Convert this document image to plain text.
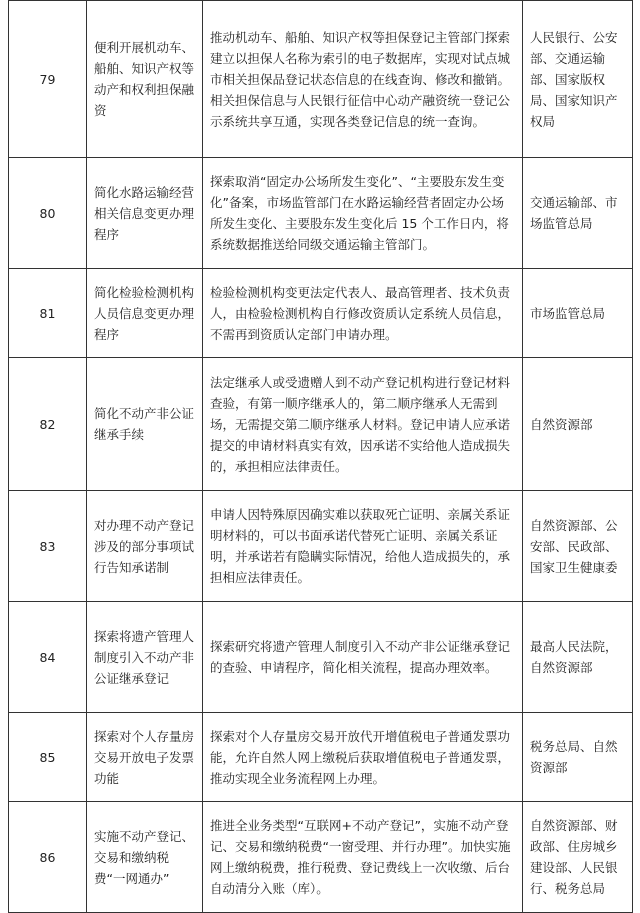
79	便利开展机动车、船舶、知识产权等动产和权利担保融资	推动机动车、船舶、知识产权等担保登记主管部门探索建立以担保人名称为索引的电子数据库，实现对试点城市相关担保品登记状态信息的在线查询、修改和撤销。相关担保信息与人民银行征信中心动产融资统一登记公示系统共享互通，实现各类登记信息的统一查询。	人民银行、公安部、交通运输部、国家版权局、国家知识产权局
80	简化水路运输经营相关信息变更办理程序	探索取消“固定办公场所发生变化”、“主要股东发生变化”备案，市场监管部门在水路运输经营者固定办公场所发生变化、主要股东发生变化后 15 个工作日内，将系统数据推送给同级交通运输主管部门。	交通运输部、市场监管总局
81	简化检验检测机构人员信息变更办理程序	检验检测机构变更法定代表人、最高管理者、技术负责人，由检验检测机构自行修改资质认定系统人员信息，不需再到资质认定部门申请办理。	市场监管总局
82	简化不动产非公证继承手续	法定继承人或受遗赠人到不动产登记机构进行登记材料查验，有第一顺序继承人的，第二顺序继承人无需到场，无需提交第二顺序继承人材料。登记申请人应承诺提交的申请材料真实有效，因承诺不实给他人造成损失的，承担相应法律责任。	自然资源部
83	对办理不动产登记涉及的部分事项试行告知承诺制	申请人因特殊原因确实难以获取死亡证明、亲属关系证明材料的，可以书面承诺代替死亡证明、亲属关系证明，并承诺若有隐瞒实际情况，给他人造成损失的，承担相应法律责任。	自然资源部、公安部、民政部、国家卫生健康委
84	探索将遗产管理人制度引入不动产非公证继承登记	探索研究将遗产管理人制度引入不动产非公证继承登记的查验、申请程序，简化相关流程，提高办理效率。	最高人民法院，自然资源部
85	探索对个人存量房交易开放电子发票功能	探索对个人存量房交易开放代开增值税电子普通发票功能，允许自然人网上缴税后获取增值税电子普通发票，推动实现全业务流程网上办理。	税务总局、自然资源部
86	实施不动产登记、交易和缴纳税费“一网通办”	推进全业务类型“互联网+不动产登记”，实施不动产登记、交易和缴纳税费“一窗受理、并行办理”。加快实施网上缴纳税费，推行税费、登记费线上一次收缴、后台自动清分入账（库）。	自然资源部、财政部、住房城乡建设部、人民银行、税务总局
